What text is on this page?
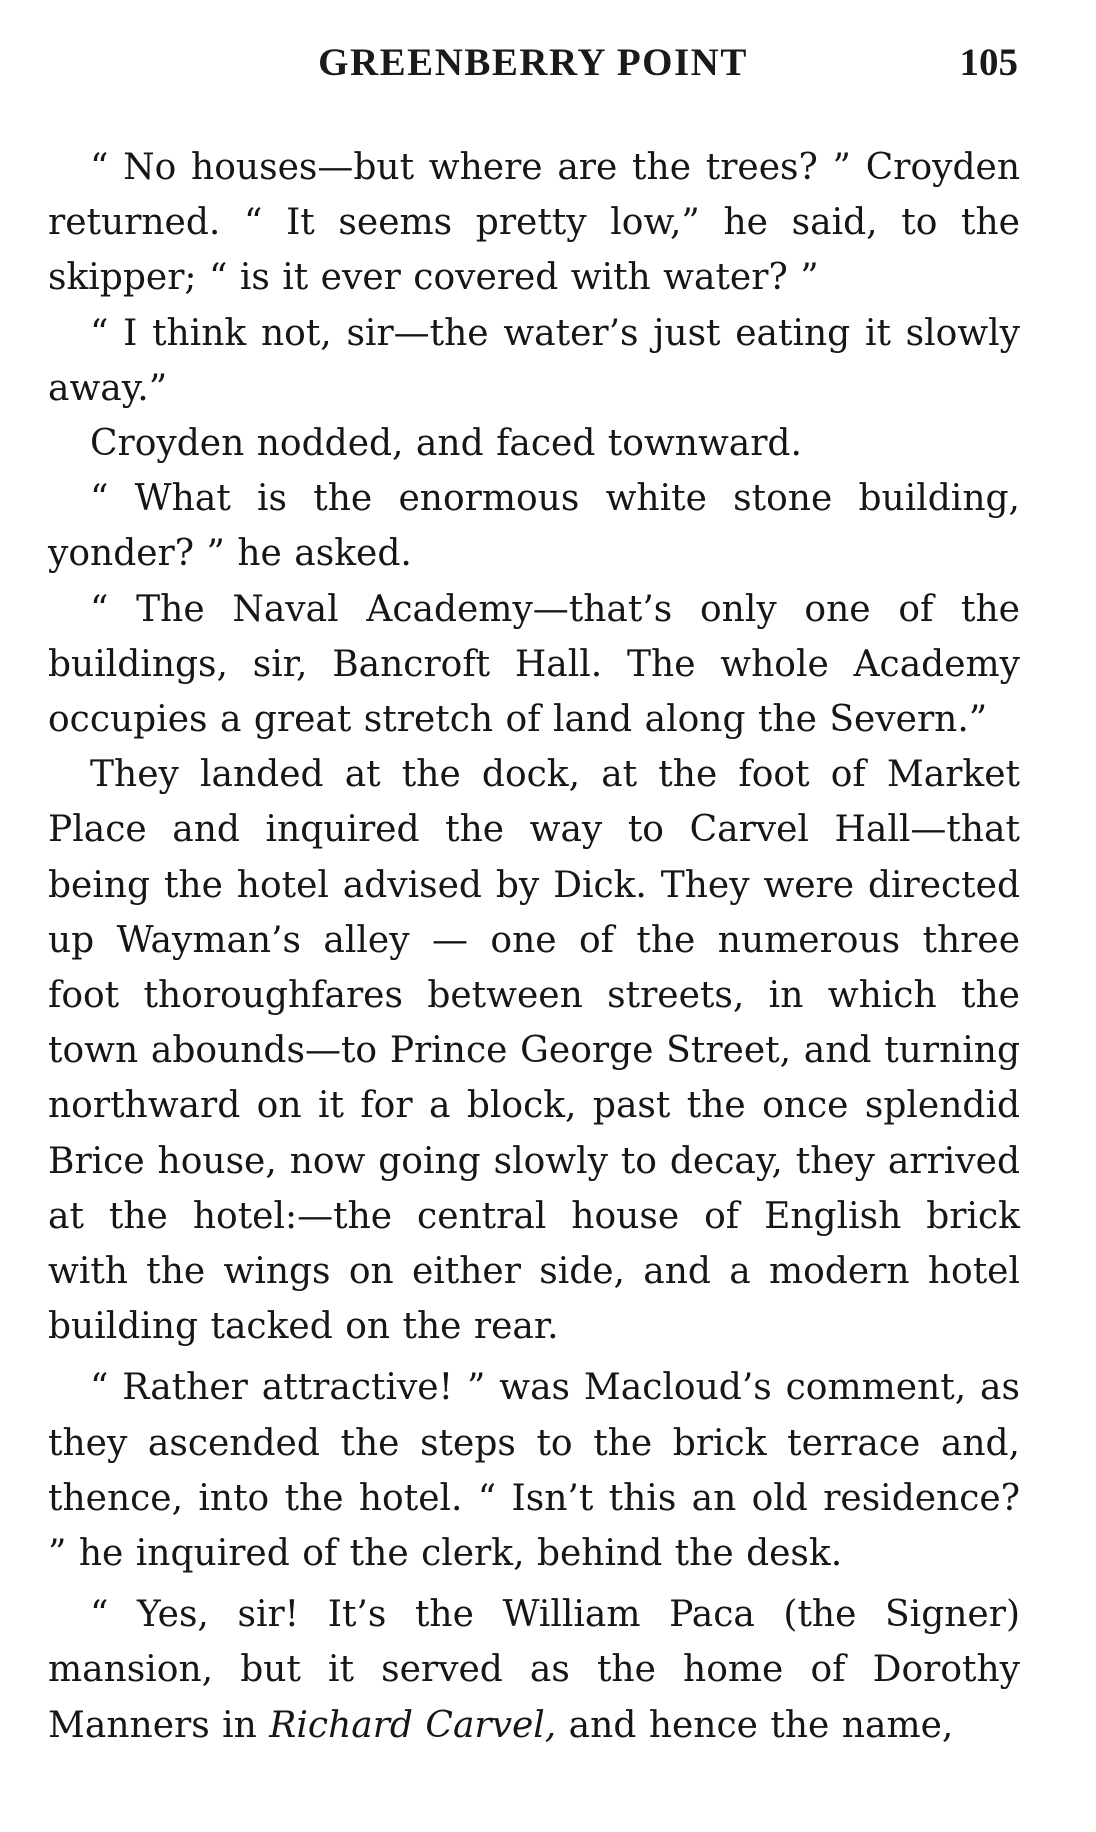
GREENBERRY POINT	105

“ No houses—but where are the trees? ” Croyden returned. “ It seems pretty low,” he said, to the skipper; “ is it ever covered with water? ”

“ I think not, sir—the water’s just eating it slowly away.”

Croyden nodded, and faced townward.

“ What is the enormous white stone building, yonder? ” he asked.

“ The Naval Academy—that’s only one of the buildings, sir, Bancroft Hall. The whole Academy occupies a great stretch of land along the Severn.”

They landed at the dock, at the foot of Market Place and inquired the way to Carvel Hall—that being the hotel advised by Dick. They were directed up Wayman’s alley — one of the numerous three foot thoroughfares between streets, in which the town abounds—to Prince George Street, and turning northward on it for a block, past the once splendid Brice house, now going slowly to decay, they arrived at the hotel:—the central house of English brick with the wings on either side, and a modern hotel building tacked on the rear.

“ Rather attractive! ” was Macloud’s comment, as they ascended the steps to the brick terrace and, thence, into the hotel. “ Isn’t this an old residence? ” he inquired of the clerk, behind the desk.

“ Yes, sir! It’s the William Paca (the Signer) mansion, but it served as the home of Dorothy Manners in Richard Carvel, and hence the name,
